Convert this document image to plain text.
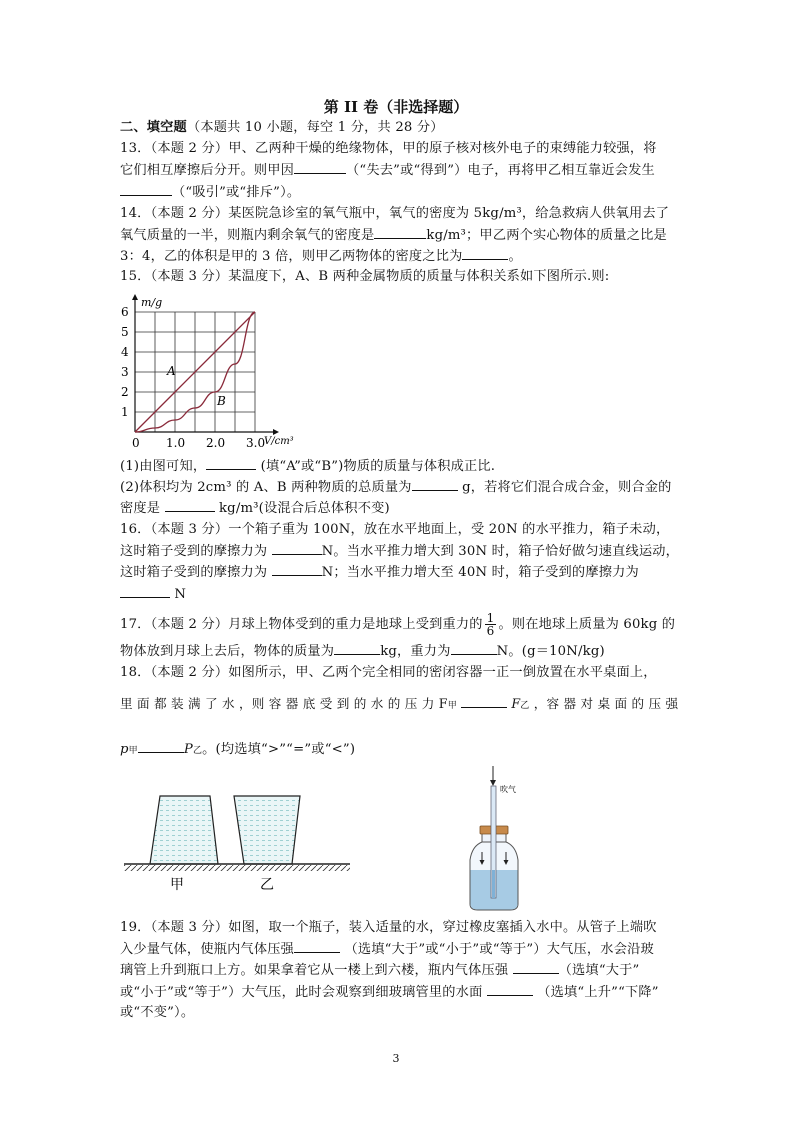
第 II 卷（非选择题）
二、填空题（本题共 10 小题，每空 1 分，共 28 分）
13．（本题 2 分）甲、乙两种干燥的绝缘物体，甲的原子核对核外电子的束缚能力较强，将
它们相互摩擦后分开。则甲因	（“失去”或“得到”）电子，再将甲乙相互靠近会发生
（“吸引”或“排斥”）。
14．（本题 2 分）某医院急诊室的氧气瓶中，氧气的密度为 5kg/m³，给急救病人供氧用去了
氧气质量的一半，则瓶内剩余氧气的密度是	kg/m³；甲乙两个实心物体的质量之比是
3：4，乙的体积是甲的 3 倍，则甲乙两物体的密度之比为	。
15．（本题 3 分）某温度下，A、B 两种金属物质的质量与体积关系如下图所示.则:
A
B
1
2
3
4
5
6
0 1.0 2.0 3.0
m/g
V/cm³
(1)由图可知，	(填“A”或“B”)物质的质量与体积成正比.
(2)体积均为 2cm³ 的 A、B 两种物质的总质量为	g，若将它们混合成合金，则合金的
密度是	kg/m³(设混合后总体积不变)
16．（本题 3 分）一个箱子重为 100N，放在水平地面上，受 20N 的水平推力，箱子未动，
这时箱子受到的摩擦力为	N。当水平推力增大到 30N 时，箱子恰好做匀速直线运动，
这时箱子受到的摩擦力为	N；当水平推力增大至 40N 时，箱子受到的摩擦力为
N
17．（本题 2 分）月球上物体受到的重力是地球上受到重力的 $\frac{1}{6}$ 。则在地球上质量为 60kg 的
物体放到月球上去后，物体的质量为	kg，重力为	N。(g＝10N/kg)
18．（本题 2 分）如图所示，甲、乙两个完全相同的密闭容器一正一倒放置在水平桌面上，
里 面 都 装 满 了 水 ，则 容 器 底 受 到 的 水 的 压 力 F甲	F乙 ，容 器 对 桌 面 的 压 强
p甲	P乙。(均选填“>”“=”或“<”)
甲	乙
吹气
19．（本题 3 分）如图，取一个瓶子，装入适量的水，穿过橡皮塞插入水中。从管子上端吹
入少量气体，使瓶内气体压强	（选填“大于”或“小于”或“等于”）大气压，水会沿玻
璃管上升到瓶口上方。如果拿着它从一楼上到六楼，瓶内气体压强	（选填“大于”
或“小于”或“等于”）大气压，此时会观察到细玻璃管里的水面	（选填“上升”“下降”
或“不变”）。
3
